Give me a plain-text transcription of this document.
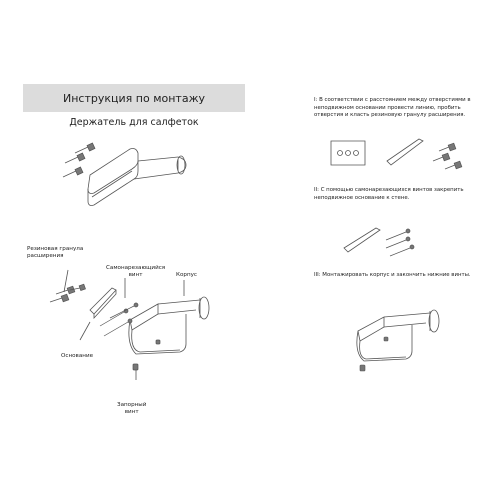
Инструкция по монтажу
Держатель для салфеток
Резиновая гранула
расширения
Самонарезающийся
винт	Корпус
Основание
Запорный
винт
I: В соответствии с расстоянием между отверстиями в
неподвижном основании провести линию, пробить
отверстия и класть резиновую гранулу расширения.
II: С помощью самонарезающихся винтов закрепить
неподвижное основание к стене.
III: Монтажировать корпус и закончить нижние винты.
